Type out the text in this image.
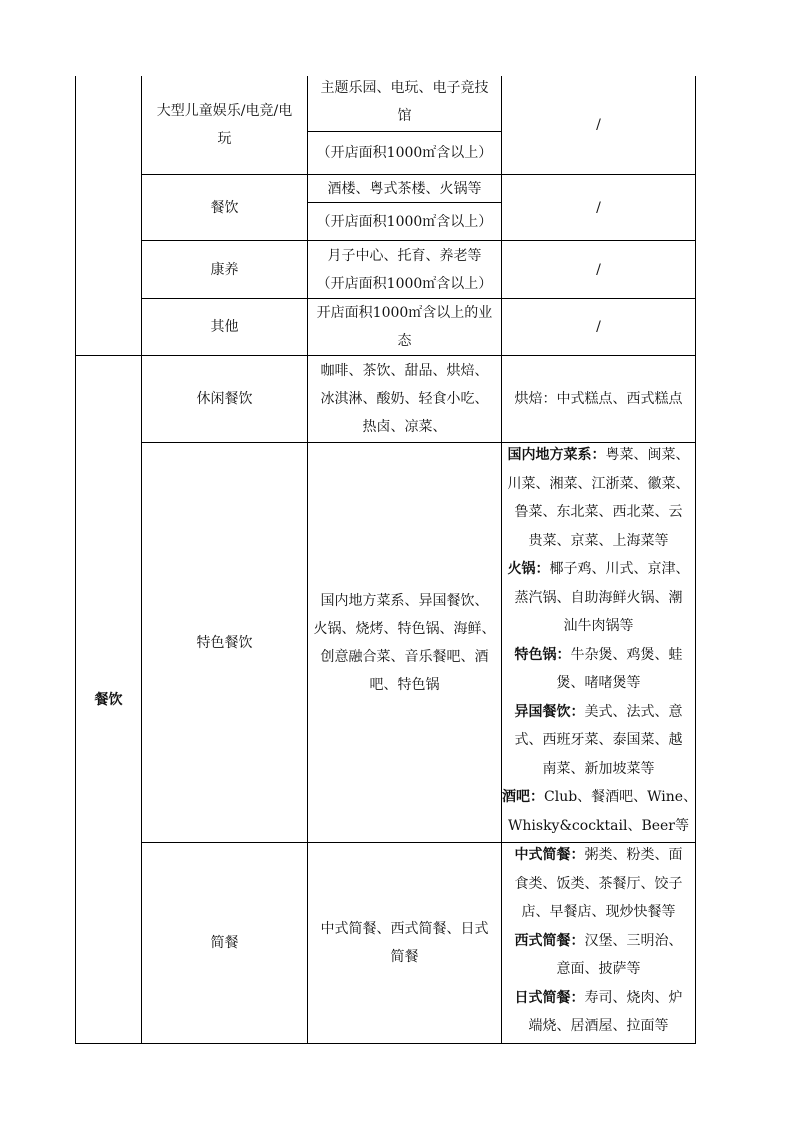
大型儿童娱乐/电竞/电
玩
主题乐园、电玩、电子竞技
馆
（开店面积1000㎡含以上）
/
餐饮
酒楼、粤式茶楼、火锅等
（开店面积1000㎡含以上）
/
康养
月子中心、托育、养老等
（开店面积1000㎡含以上）
/
其他
开店面积1000㎡含以上的业
态
/
餐饮
休闲餐饮
咖啡、茶饮、甜品、烘焙、
冰淇淋、酸奶、轻食小吃、
热卤、凉菜、
烘焙：中式糕点、西式糕点
特色餐饮
国内地方菜系、异国餐饮、
火锅、烧烤、特色锅、海鲜、
创意融合菜、音乐餐吧、酒
吧、特色锅
国内地方菜系：粤菜、闽菜、
川菜、湘菜、江浙菜、徽菜、
鲁菜、东北菜、西北菜、云
贵菜、京菜、上海菜等
火锅：椰子鸡、川式、京津、
蒸汽锅、自助海鲜火锅、潮
汕牛肉锅等
特色锅：牛杂煲、鸡煲、蛙
煲、啫啫煲等
异国餐饮：美式、法式、意
式、西班牙菜、泰国菜、越
南菜、新加坡菜等
酒吧：Club、餐酒吧、Wine、
Whisky&cocktail、Beer等
简餐
中式简餐、西式简餐、日式
简餐
中式简餐：粥类、粉类、面
食类、饭类、茶餐厅、饺子
店、早餐店、现炒快餐等
西式简餐：汉堡、三明治、
意面、披萨等
日式简餐：寿司、烧肉、炉
端烧、居酒屋、拉面等
